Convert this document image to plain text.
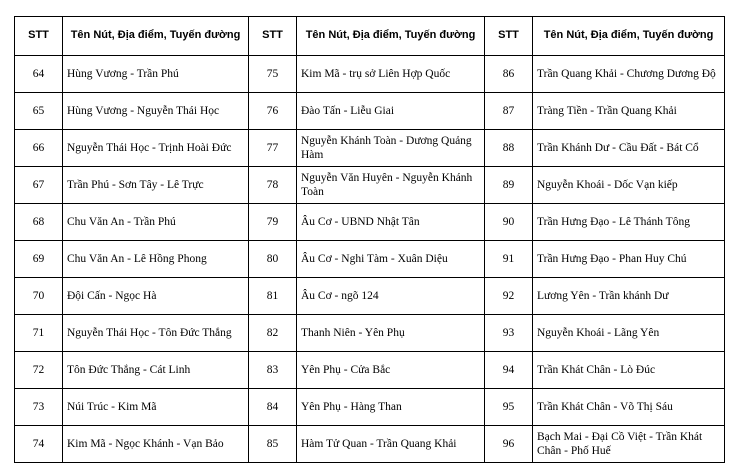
STT	Tên Nút, Địa điểm, Tuyến đường	STT	Tên Nút, Địa điểm, Tuyến đường	STT	Tên Nút, Địa điểm, Tuyến đường
64	Hùng Vương - Trần Phú	75	Kim Mã - trụ sở Liên Hợp Quốc	86	Trần Quang Khải - Chương Dương Độ
65	Hùng Vương - Nguyễn Thái Học	76	Đào Tấn - Liễu Giai	87	Tràng Tiền - Trần Quang Khải
66	Nguyễn Thái Học - Trịnh Hoài Đức	77	Nguyễn Khánh Toàn - Dương Quảng Hàm	88	Trần Khánh Dư - Cầu Đất - Bát Cổ
67	Trần Phú - Sơn Tây - Lê Trực	78	Nguyễn Văn Huyên - Nguyễn Khánh Toàn	89	Nguyễn Khoái - Dốc Vạn kiếp
68	Chu Văn An - Trần Phú	79	Âu Cơ - UBND Nhật Tân	90	Trần Hưng Đạo - Lê Thánh Tông
69	Chu Văn An - Lê Hồng Phong	80	Âu Cơ - Nghi Tàm - Xuân Diệu	91	Trần Hưng Đạo - Phan Huy Chú
70	Đội Cấn - Ngọc Hà	81	Âu Cơ - ngõ 124	92	Lương Yên - Trần khánh Dư
71	Nguyễn Thái Học - Tôn Đức Thắng	82	Thanh Niên - Yên Phụ	93	Nguyễn Khoái - Lãng Yên
72	Tôn Đức Thắng - Cát Linh	83	Yên Phụ - Cửa Bắc	94	Trần Khát Chân - Lò Đúc
73	Núi Trúc - Kim Mã	84	Yên Phụ - Hàng Than	95	Trần Khát Chân - Võ Thị Sáu
74	Kim Mã - Ngọc Khánh - Vạn Bảo	85	Hàm Tử Quan - Trần Quang Khải	96	Bạch Mai - Đại Cồ Việt - Trần Khát Chân - Phố Huế
